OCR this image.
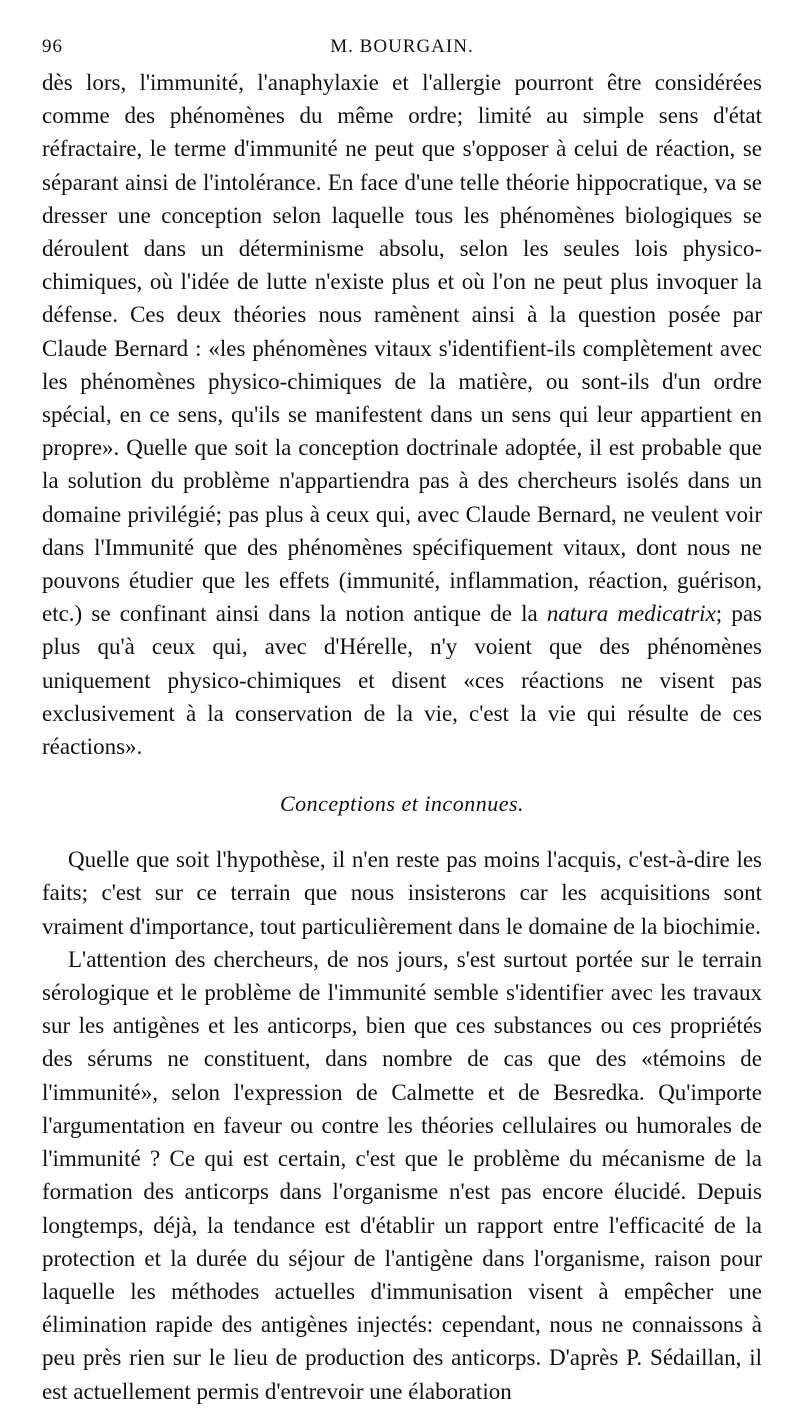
96	M. BOURGAIN.

dès lors, l'immunité, l'anaphylaxie et l'allergie pourront être considérées comme des phénomènes du même ordre; limité au simple sens d'état réfractaire, le terme d'immunité ne peut que s'opposer à celui de réaction, se séparant ainsi de l'intolérance. En face d'une telle théorie hippocratique, va se dresser une conception selon laquelle tous les phénomènes biologiques se déroulent dans un déterminisme absolu, selon les seules lois physico-chimiques, où l'idée de lutte n'existe plus et où l'on ne peut plus invoquer la défense. Ces deux théories nous ramènent ainsi à la question posée par Claude Bernard : «les phénomènes vitaux s'identifient-ils complètement avec les phénomènes physico-chimiques de la matière, ou sont-ils d'un ordre spécial, en ce sens, qu'ils se manifestent dans un sens qui leur appartient en propre». Quelle que soit la conception doctrinale adoptée, il est probable que la solution du problème n'appartiendra pas à des chercheurs isolés dans un domaine privilégié; pas plus à ceux qui, avec Claude Bernard, ne veulent voir dans l'Immunité que des phénomènes spécifiquement vitaux, dont nous ne pouvons étudier que les effets (immunité, inflammation, réaction, guérison, etc.) se confinant ainsi dans la notion antique de la natura medicatrix; pas plus qu'à ceux qui, avec d'Hérelle, n'y voient que des phénomènes uniquement physico-chimiques et disent «ces réactions ne visent pas exclusivement à la conservation de la vie, c'est la vie qui résulte de ces réactions».

Conceptions et inconnues.

Quelle que soit l'hypothèse, il n'en reste pas moins l'acquis, c'est-à-dire les faits; c'est sur ce terrain que nous insisterons car les acquisitions sont vraiment d'importance, tout particulièrement dans le domaine de la biochimie.

L'attention des chercheurs, de nos jours, s'est surtout portée sur le terrain sérologique et le problème de l'immunité semble s'identifier avec les travaux sur les antigènes et les anticorps, bien que ces substances ou ces propriétés des sérums ne constituent, dans nombre de cas que des «témoins de l'immunité», selon l'expression de Calmette et de Besredka. Qu'importe l'argumentation en faveur ou contre les théories cellulaires ou humorales de l'immunité ? Ce qui est certain, c'est que le problème du mécanisme de la formation des anticorps dans l'organisme n'est pas encore élucidé. Depuis longtemps, déjà, la tendance est d'établir un rapport entre l'efficacité de la protection et la durée du séjour de l'antigène dans l'organisme, raison pour laquelle les méthodes actuelles d'immunisation visent à empêcher une élimination rapide des antigènes injectés: cependant, nous ne connaissons à peu près rien sur le lieu de production des anticorps. D'après P. Sédaillan, il est actuellement permis d'entrevoir une élaboration
